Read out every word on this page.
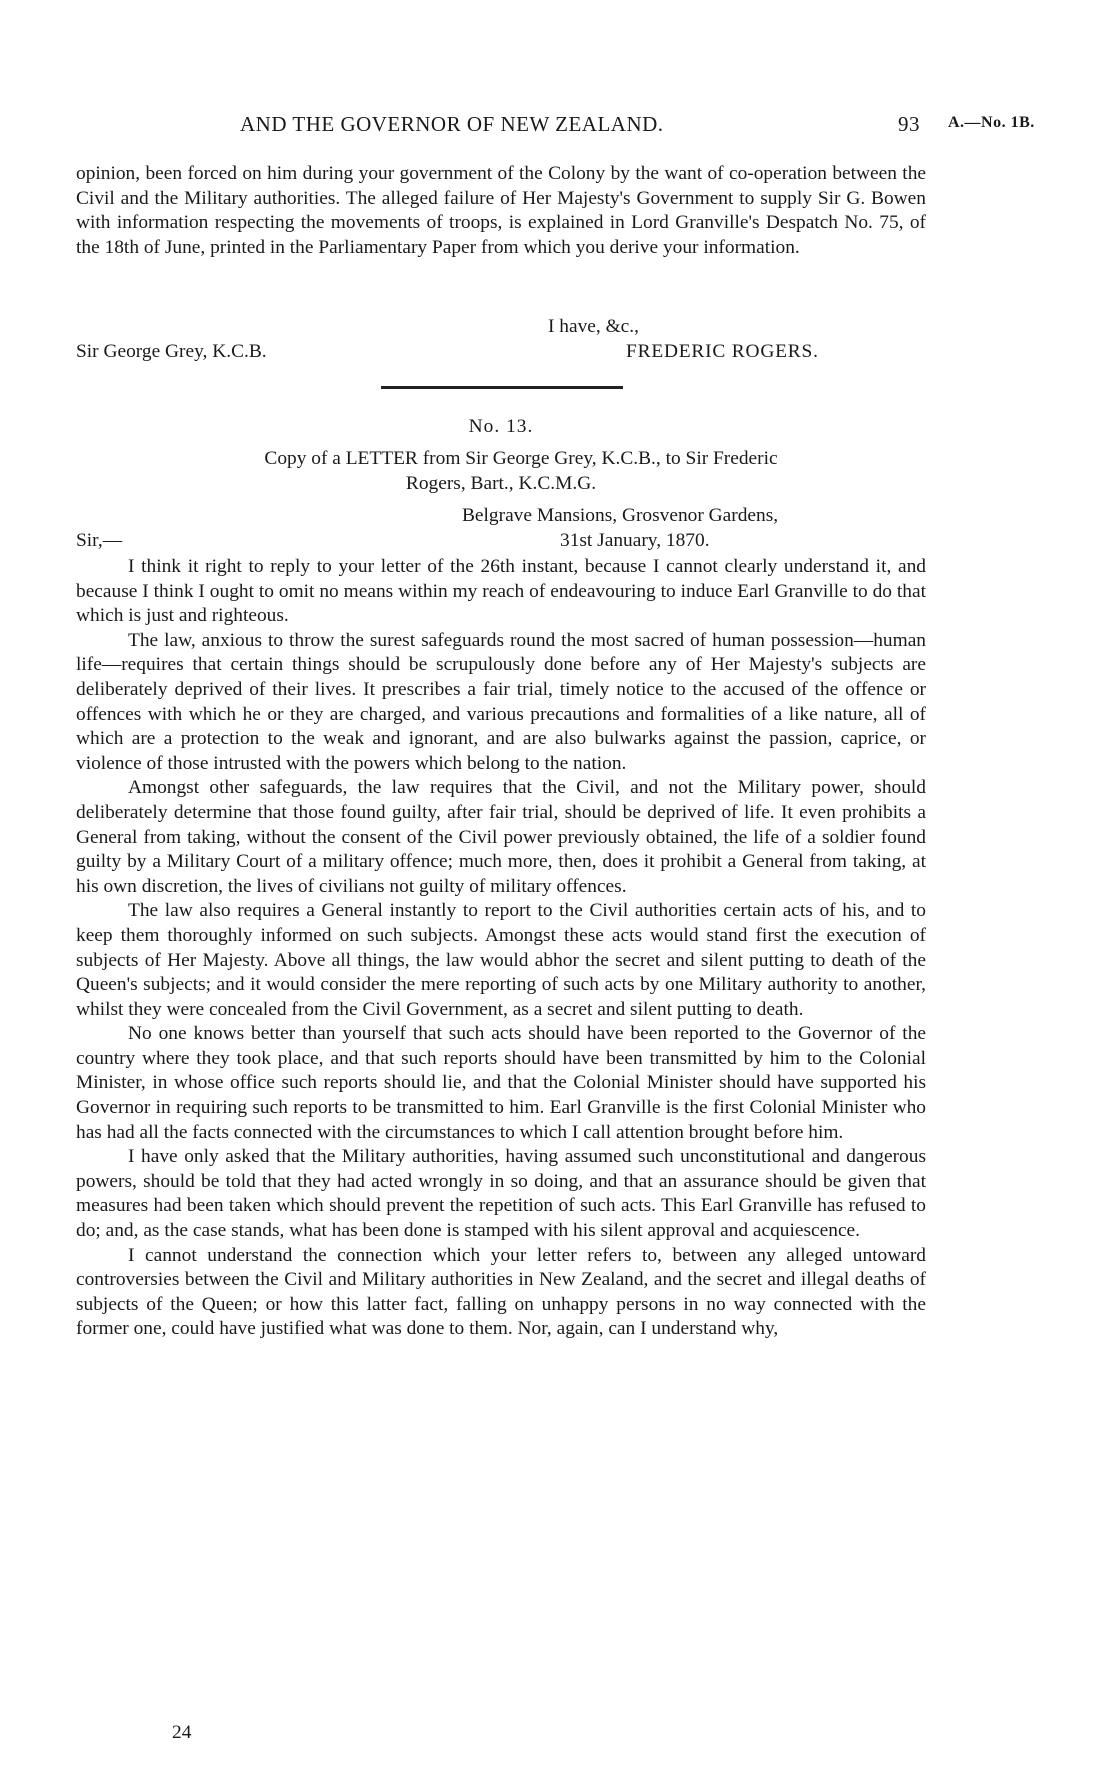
AND THE GOVERNOR OF NEW ZEALAND.	93 A.—No. 1B.

opinion, been forced on him during your government of the Colony by the want of co-operation between the Civil and the Military authorities. The alleged failure of Her Majesty's Government to supply Sir G. Bowen with information respecting the movements of troops, is explained in Lord Granville's Despatch No. 75, of the 18th of June, printed in the Parliamentary Paper from which you derive your information.

I have, &c.,
Sir George Grey, K.C.B.	FREDERIC ROGERS.
No. 13.
Copy of a LETTER from Sir George Grey, K.C.B., to Sir Frederic
Rogers, Bart., K.C.M.G.
Belgrave Mansions, Grosvenor Gardens,
Sir,—	31st January, 1870.

I think it right to reply to your letter of the 26th instant, because I cannot clearly understand it, and because I think I ought to omit no means within my reach of endeavouring to induce Earl Granville to do that which is just and righteous.

The law, anxious to throw the surest safeguards round the most sacred of human possession—human life—requires that certain things should be scrupulously done before any of Her Majesty's subjects are deliberately deprived of their lives. It prescribes a fair trial, timely notice to the accused of the offence or offences with which he or they are charged, and various precautions and formalities of a like nature, all of which are a protection to the weak and ignorant, and are also bulwarks against the passion, caprice, or violence of those intrusted with the powers which belong to the nation.

Amongst other safeguards, the law requires that the Civil, and not the Military power, should deliberately determine that those found guilty, after fair trial, should be deprived of life. It even prohibits a General from taking, without the consent of the Civil power previously obtained, the life of a soldier found guilty by a Military Court of a military offence; much more, then, does it prohibit a General from taking, at his own discretion, the lives of civilians not guilty of military offences.

The law also requires a General instantly to report to the Civil authorities certain acts of his, and to keep them thoroughly informed on such subjects. Amongst these acts would stand first the execution of subjects of Her Majesty. Above all things, the law would abhor the secret and silent putting to death of the Queen's subjects; and it would consider the mere reporting of such acts by one Military authority to another, whilst they were concealed from the Civil Government, as a secret and silent putting to death.

No one knows better than yourself that such acts should have been reported to the Governor of the country where they took place, and that such reports should have been transmitted by him to the Colonial Minister, in whose office such reports should lie, and that the Colonial Minister should have supported his Governor in requiring such reports to be transmitted to him. Earl Granville is the first Colonial Minister who has had all the facts connected with the circumstances to which I call attention brought before him.

I have only asked that the Military authorities, having assumed such unconstitutional and dangerous powers, should be told that they had acted wrongly in so doing, and that an assurance should be given that measures had been taken which should prevent the repetition of such acts. This Earl Granville has refused to do; and, as the case stands, what has been done is stamped with his silent approval and acquiescence.

I cannot understand the connection which your letter refers to, between any alleged untoward controversies between the Civil and Military authorities in New Zealand, and the secret and illegal deaths of subjects of the Queen; or how this latter fact, falling on unhappy persons in no way connected with the former one, could have justified what was done to them. Nor, again, can I understand why,

24
